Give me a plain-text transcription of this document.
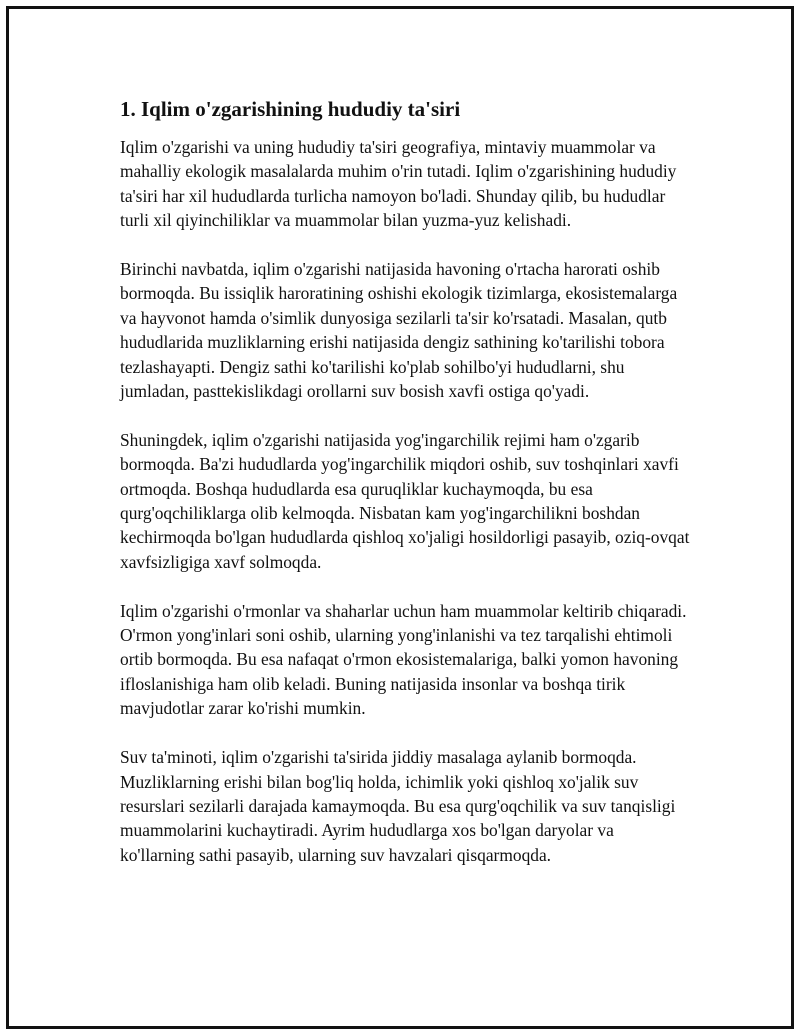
1. Iqlim o'zgarishining hududiy ta'siri

Iqlim o'zgarishi va uning hududiy ta'siri geografiya, mintaviy muammolar va mahalliy ekologik masalalarda muhim o'rin tutadi. Iqlim o'zgarishining hududiy ta'siri har xil hududlarda turlicha namoyon bo'ladi. Shunday qilib, bu hududlar turli xil qiyinchiliklar va muammolar bilan yuzma-yuz kelishadi.

Birinchi navbatda, iqlim o'zgarishi natijasida havoning o'rtacha harorati oshib bormoqda. Bu issiqlik haroratining oshishi ekologik tizimlarga, ekosistemalarga va hayvonot hamda o'simlik dunyosiga sezilarli ta'sir ko'rsatadi. Masalan, qutb hududlarida muzliklarning erishi natijasida dengiz sathining ko'tarilishi tobora tezlashayapti. Dengiz sathi ko'tarilishi ko'plab sohilbo'yi hududlarni, shu jumladan, pasttekislikdagi orollarni suv bosish xavfi ostiga qo'yadi.

Shuningdek, iqlim o'zgarishi natijasida yog'ingarchilik rejimi ham o'zgarib bormoqda. Ba'zi hududlarda yog'ingarchilik miqdori oshib, suv toshqinlari xavfi ortmoqda. Boshqa hududlarda esa quruqliklar kuchaymoqda, bu esa qurg'oqchiliklarga olib kelmoqda. Nisbatan kam yog'ingarchilikni boshdan kechirmoqda bo'lgan hududlarda qishloq xo'jaligi hosildorligi pasayib, oziq-ovqat xavfsizligiga xavf solmoqda.

Iqlim o'zgarishi o'rmonlar va shaharlar uchun ham muammolar keltirib chiqaradi. O'rmon yong'inlari soni oshib, ularning yong'inlanishi va tez tarqalishi ehtimoli ortib bormoqda. Bu esa nafaqat o'rmon ekosistemalariga, balki yomon havoning ifloslanishiga ham olib keladi. Buning natijasida insonlar va boshqa tirik mavjudotlar zarar ko'rishi mumkin.

Suv ta'minoti, iqlim o'zgarishi ta'sirida jiddiy masalaga aylanib bormoqda. Muzliklarning erishi bilan bog'liq holda, ichimlik yoki qishloq xo'jalik suv resurslari sezilarli darajada kamaymoqda. Bu esa qurg'oqchilik va suv tanqisligi muammolarini kuchaytiradi. Ayrim hududlarga xos bo'lgan daryolar va ko'llarning sathi pasayib, ularning suv havzalari qisqarmoqda.
